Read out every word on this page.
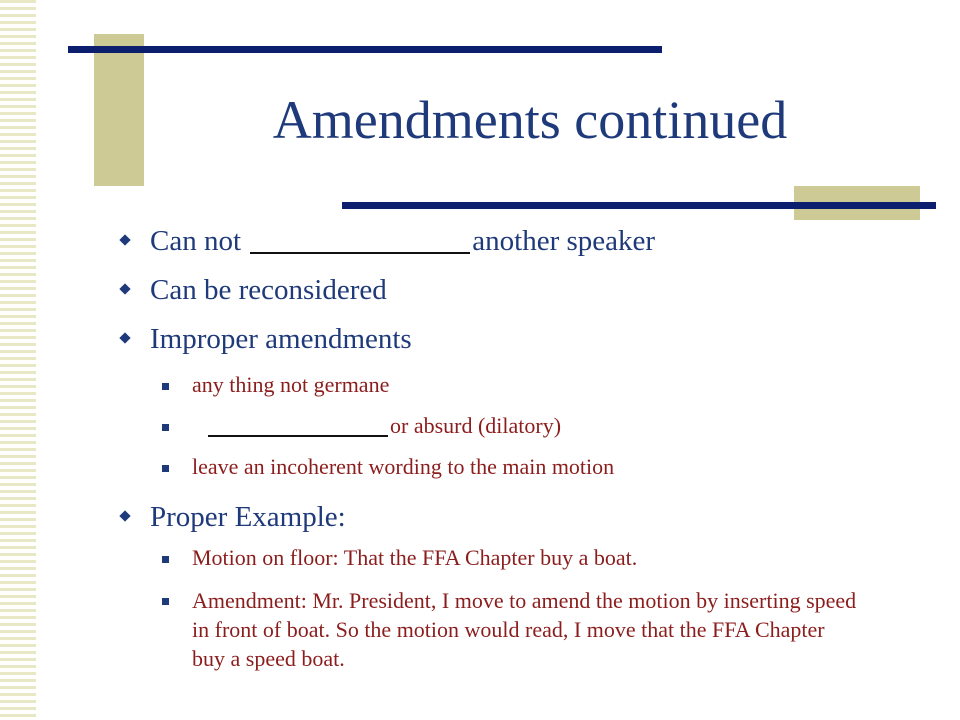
Amendments continued
Can not	another speaker
Can be reconsidered
Improper amendments
any thing not germane
or absurd (dilatory)
leave an incoherent wording to the main motion
Proper Example:
Motion on floor: That the FFA Chapter buy a boat.
Amendment: Mr. President, I move to amend the motion by inserting speed in front of boat. So the motion would read, I move that the FFA Chapter buy a speed boat.
